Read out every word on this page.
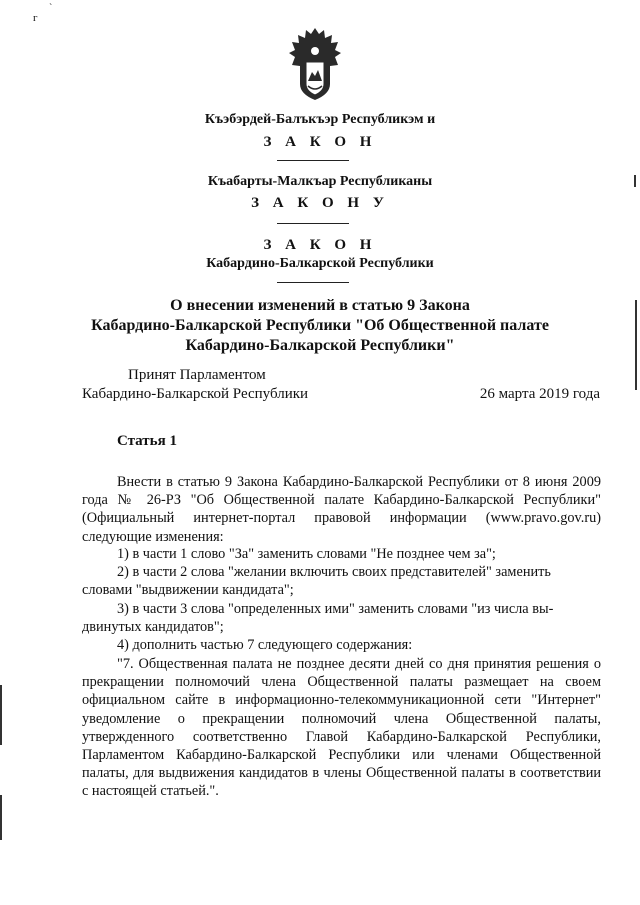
г
`
Къэбэрдей-Балъкъэр Республикэм и
З А К О Н
Къабарты-Малкъар Республиканы
З А К О Н У
З А К О Н
Кабардино-Балкарской Республики
О внесении изменений в статью 9 Закона
Кабардино-Балкарской Республики "Об Общественной палате
Кабардино-Балкарской Республики"
Принят Парламентом
Кабардино-Балкарской Республики	26 марта 2019 года
Статья 1
Внести в статью 9 Закона Кабардино-Балкарской Республики от 8 июня 2009 года № 26-РЗ "Об Общественной палате Кабардино-Балкарской Республики" (Официальный интернет-портал правовой информации (www.pravo.gov.ru) следующие изменения:
1) в части 1 слово "За" заменить словами "Не позднее чем за";
2) в части 2 слова "желании включить своих представителей" заменить
словами "выдвижении кандидата";
3) в части 3 слова "определенных ими" заменить словами "из числа вы-
двинутых кандидатов";
4) дополнить частью 7 следующего содержания:
"7. Общественная палата не позднее десяти дней со дня принятия решения о прекращении полномочий члена Общественной палаты размещает на своем официальном сайте в информационно-телекоммуникационной сети "Интернет" уведомление о прекращении полномочий члена Общественной палаты, утвержденного соответственно Главой Кабардино-Балкарской Республики, Парламентом Кабардино-Балкарской Республики или членами Общественной палаты, для выдвижения кандидатов в члены Общественной палаты в соответствии с настоящей статьей.".
